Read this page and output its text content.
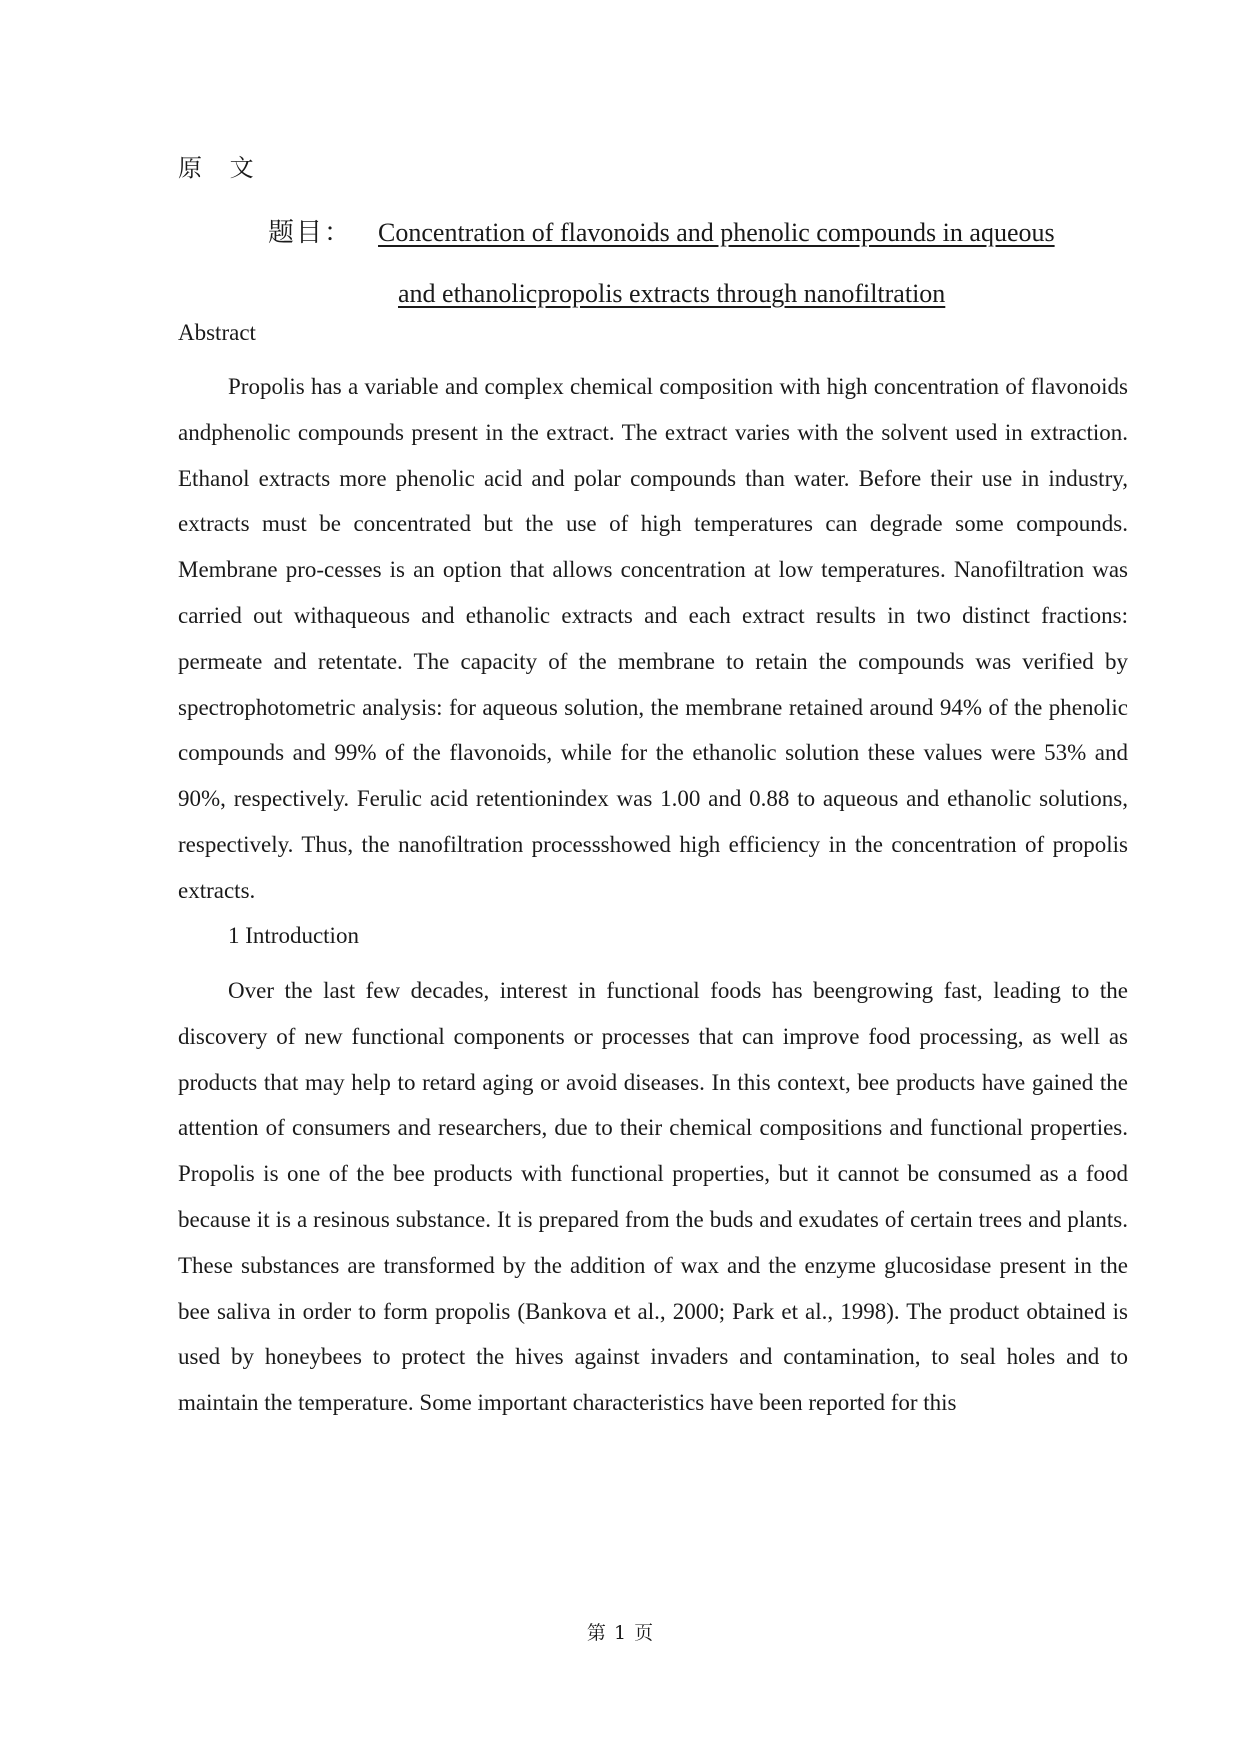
原 文
题目： Concentration of flavonoids and phenolic compounds in aqueous
and ethanolicpropolis extracts through nanofiltration
Abstract

Propolis has a variable and complex chemical composition with high concentration of flavonoids andphenolic compounds present in the extract. The extract varies with the solvent used in extraction. Ethanol extracts more phenolic acid and polar compounds than water. Before their use in industry, extracts must be concentrated but the use of high temperatures can degrade some compounds. Membrane pro-cesses is an option that allows concentration at low temperatures. Nanofiltration was carried out withaqueous and ethanolic extracts and each extract results in two distinct fractions: permeate and retentate. The capacity of the membrane to retain the compounds was verified by spectrophotometric analysis: for aqueous solution, the membrane retained around 94% of the phenolic compounds and 99% of the flavonoids, while for the ethanolic solution these values were 53% and 90%, respectively. Ferulic acid retentionindex was 1.00 and 0.88 to aqueous and ethanolic solutions, respectively. Thus, the nanofiltration processshowed high efficiency in the concentration of propolis extracts.

1 Introduction

Over the last few decades, interest in functional foods has beengrowing fast, leading to the discovery of new functional components or processes that can improve food processing, as well as products that may help to retard aging or avoid diseases. In this context, bee products have gained the attention of consumers and researchers, due to their chemical compositions and functional properties. Propolis is one of the bee products with functional properties, but it cannot be consumed as a food because it is a resinous substance. It is prepared from the buds and exudates of certain trees and plants. These substances are transformed by the addition of wax and the enzyme glucosidase present in the bee saliva in order to form propolis (Bankova et al., 2000; Park et al., 1998). The product obtained is used by honeybees to protect the hives against invaders and contamination, to seal holes and to maintain the temperature. Some important characteristics have been reported for this

第 1 页
